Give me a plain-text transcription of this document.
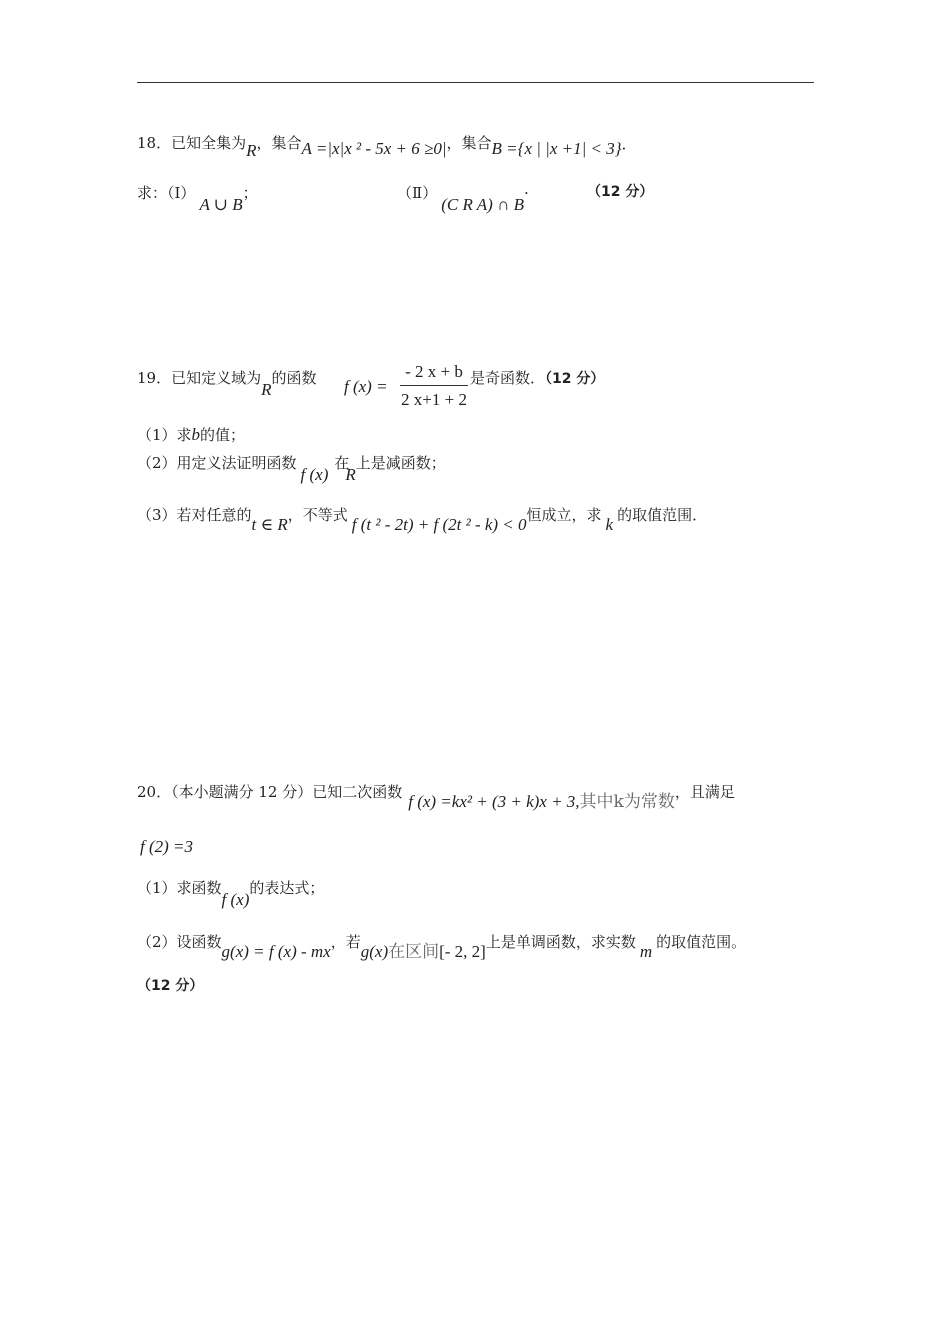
18．已知全集为R，集合A =|x|x ² - 5x + 6 ≥0|，集合B ={x | |x +1| < 3}·
求：（Ⅰ）A ∪ B；	（Ⅱ）(C R A) ∩ B·	（12 分）
19．已知定义域为R的函数 f (x) =
- 2 x + b
2 x+1 + 2
是奇函数．（12 分）
（1）求b的值；
（2）用定义法证明函数f (x)在R上是减函数；
（3）若对任意的t ∈ R，不等式 f (t ² - 2t) + f (2t ² - k) < 0恒成立，求 k 的取值范围．
20．（本小题满分 12 分）已知二次函数 f (x) =kx² + (3 + k)x + 3,其中k为常数，且满足
f (2) =3
（1）求函数f (x)的表达式；
（2）设函数g(x) = f (x) - mx，若g(x)在区间[- 2, 2]上是单调函数，求实数 m 的取值范围。
（12 分）
